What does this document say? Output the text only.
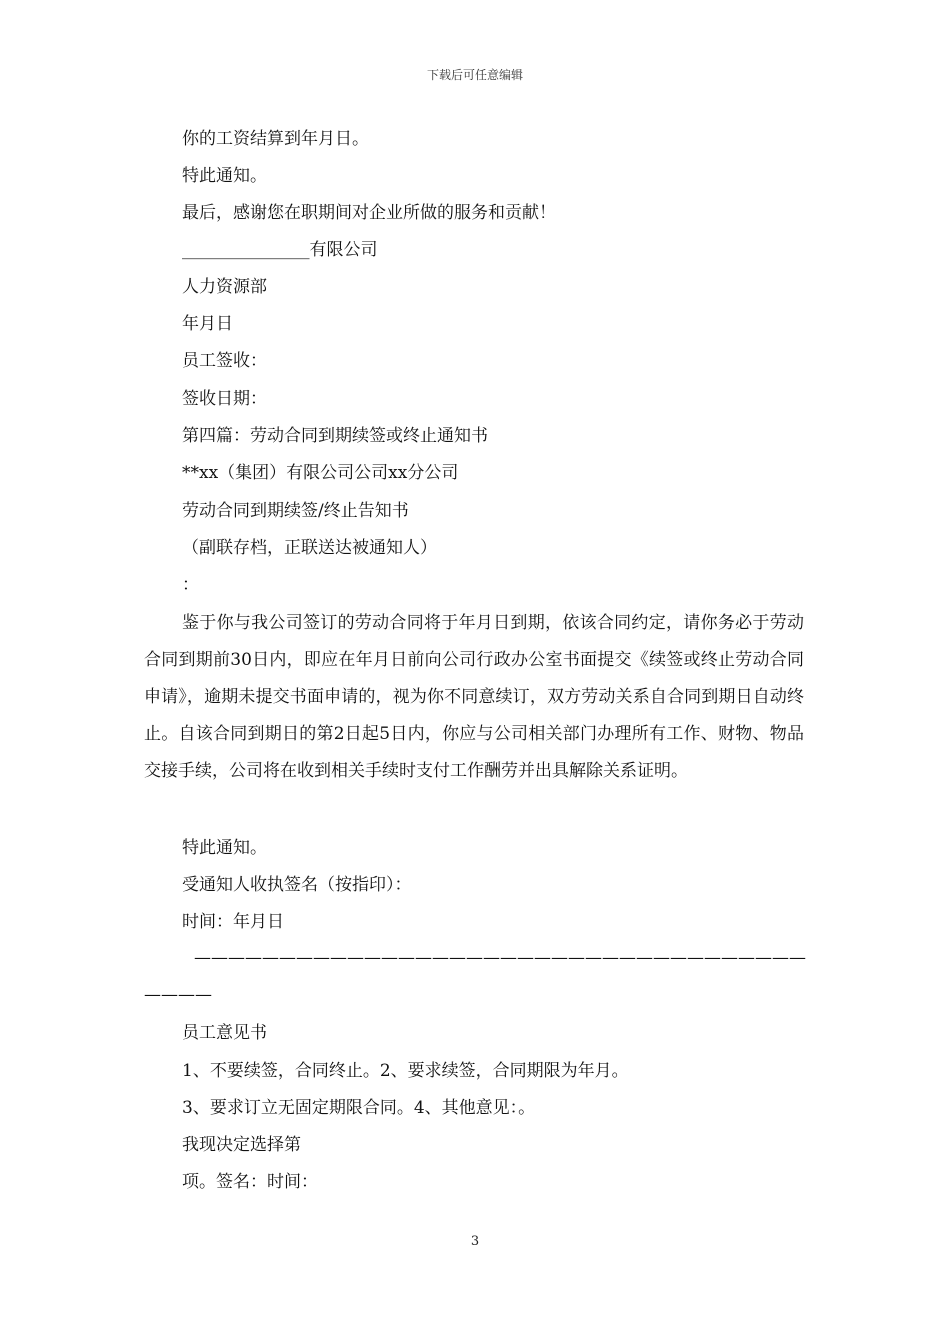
下载后可任意编辑
你的工资结算到年月日。
特此通知。
最后，感谢您在职期间对企业所做的服务和贡献！
_______________有限公司
人力资源部
年月日
员工签收：
签收日期：
第四篇：劳动合同到期续签或终止通知书
**xx（集团）有限公司公司xx分公司
劳动合同到期续签/终止告知书
（副联存档，正联送达被通知人）
：

鉴于你与我公司签订的劳动合同将于年月日到期，依该合同约定，请你务必于劳动合同到期前30日内，即应在年月日前向公司行政办公室书面提交《续签或终止劳动合同申请》，逾期未提交书面申请的，视为你不同意续订，双方劳动关系自合同到期日自动终止。自该合同到期日的第2日起5日内，你应与公司相关部门办理所有工作、财物、物品交接手续，公司将在收到相关手续时支付工作酬劳并出具解除关系证明。

特此通知。
受通知人收执签名（按指印）：
时间：年月日
————————————————————————————————————————
员工意见书
1、不要续签，合同终止。2、要求续签，合同期限为年月。
3、要求订立无固定期限合同。4、其他意见：。
我现决定选择第
项。签名：时间：
3
